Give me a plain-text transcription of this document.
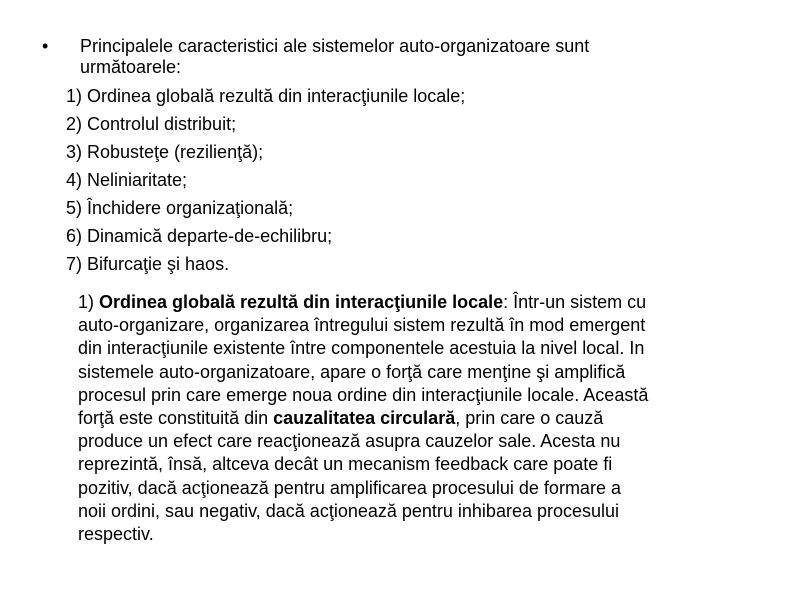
• Principalele caracteristici ale sistemelor auto-organizatoare sunt
următoarele:
1) Ordinea globală rezultă din interacţiunile locale;
2) Controlul distribuit;
3) Robusteţe (rezilienţă);
4) Neliniaritate;
5) Închidere organizaţională;
6) Dinamică departe-de-echilibru;
7) Bifurcaţie şi haos.

1) Ordinea globală rezultă din interacţiunile locale: Într-un sistem cu
auto-organizare, organizarea întregului sistem rezultă în mod emergent
din interacţiunile existente între componentele acestuia la nivel local. In
sistemele auto-organizatoare, apare o forţă care menţine şi amplifică
procesul prin care emerge noua ordine din interacţiunile locale. Această
forţă este constituită din cauzalitatea circulară, prin care o cauză
produce un efect care reacţionează asupra cauzelor sale. Acesta nu
reprezintă, însă, altceva decât un mecanism feedback care poate fi
pozitiv, dacă acţionează pentru amplificarea procesului de formare a
noii ordini, sau negativ, dacă acţionează pentru inhibarea procesului
respectiv.
